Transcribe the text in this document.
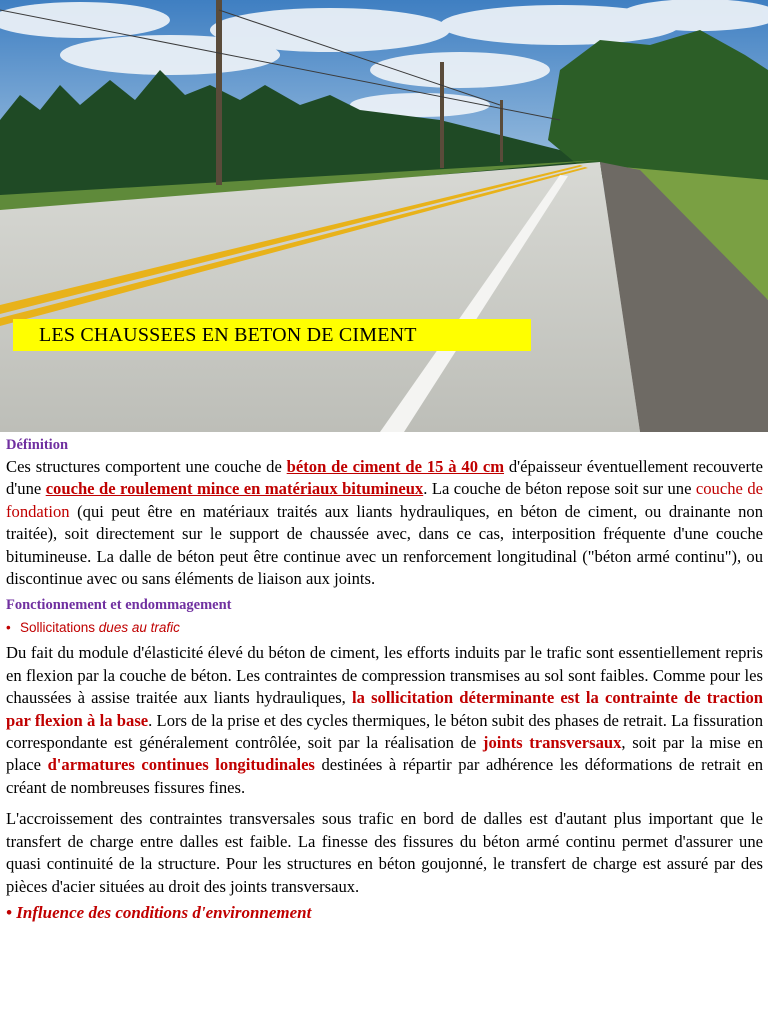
LES CHAUSSEES EN BETON DE CIMENT
Définition

Ces structures comportent une couche de béton de ciment de 15 à 40 cm d'épaisseur éventuellement recouverte d'une couche de roulement mince en matériaux bitumineux. La couche de béton repose soit sur une couche de fondation (qui peut être en matériaux traités aux liants hydrauliques, en béton de ciment, ou drainante non traitée), soit directement sur le support de chaussée avec, dans ce cas, interposition fréquente d'une couche bitumineuse. La dalle de béton peut être continue avec un renforcement longitudinal ("béton armé continu"), ou discontinue avec ou sans éléments de liaison aux joints.

Fonctionnement et endommagement
• Sollicitations dues au trafic

Du fait du module d'élasticité élevé du béton de ciment, les efforts induits par le trafic sont essentiellement repris en flexion par la couche de béton. Les contraintes de compression transmises au sol sont faibles. Comme pour les chaussées à assise traitée aux liants hydrauliques, la sollicitation déterminante est la contrainte de traction par flexion à la base. Lors de la prise et des cycles thermiques, le béton subit des phases de retrait. La fissuration correspondante est généralement contrôlée, soit par la réalisation de joints transversaux, soit par la mise en place d'armatures continues longitudinales destinées à répartir par adhérence les déformations de retrait en créant de nombreuses fissures fines.

L'accroissement des contraintes transversales sous trafic en bord de dalles est d'autant plus important que le transfert de charge entre dalles est faible. La finesse des fissures du béton armé continu permet d'assurer une quasi continuité de la structure. Pour les structures en béton goujonné, le transfert de charge est assuré par des pièces d'acier situées au droit des joints transversaux.

• Influence des conditions d'environnement
